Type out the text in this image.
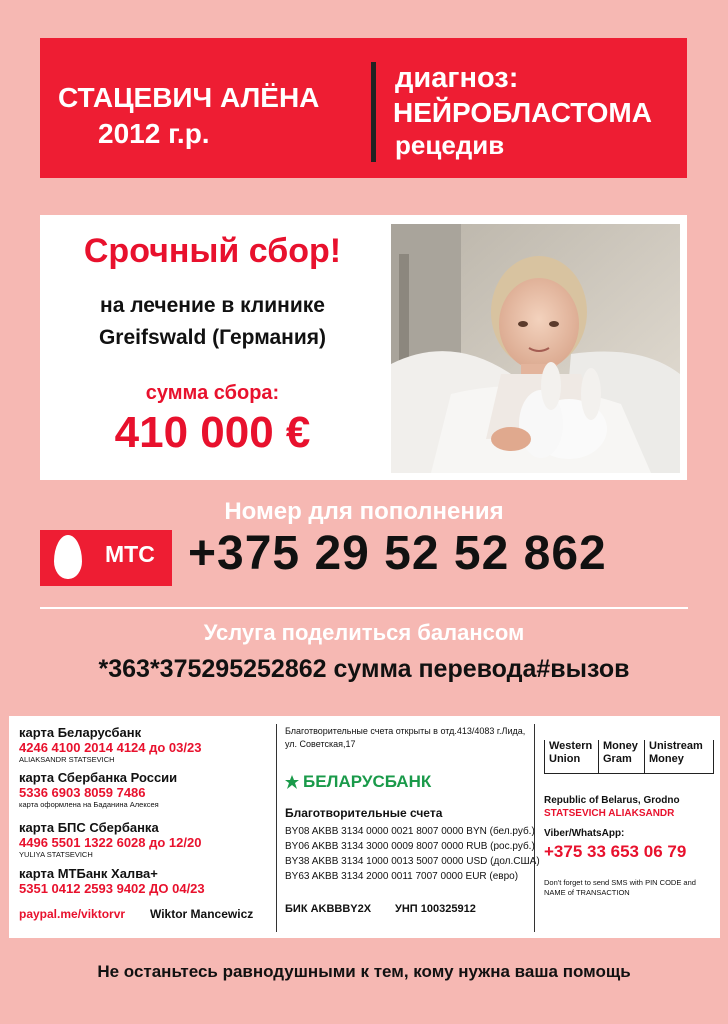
СТАЦЕВИЧ АЛЁНА
2012 г.р.
диагноз:
НЕЙРОБЛАСТОМА
рецедив
Срочный сбор!
на лечение в клинике
Greifswald (Германия)
сумма сбора:
410 000 €
Номер для пополнения
МТС +375 29 52 52 862
Услуга поделиться балансом
*363*375295252862 сумма перевода#вызов
карта Беларусбанк
4246 4100 2014 4124 до 03/23
ALIAKSANDR STATSEVICH
карта Сбербанка России
5336 6903 8059 7486
карта оформлена на Баданина Алексея
карта БПС Сбербанка
4496 5501 1322 6028 до 12/20
YULIYA STATSEVICH
карта МТБанк Халва+
5351 0412 2593 9402 ДО 04/23
paypal.me/viktorvr Wiktor Mancewicz
Благотворительные счета открыты в отд.413/4083 г.Лида, ул. Советская,17
БЕЛАРУСБАНК
Благотворительные счета
BY08 AKBB 3134 0000 0021 8007 0000 BYN (бел.руб.)
BY06 AKBB 3134 3000 0009 8007 0000 RUB (рос.руб.)
BY38 AKBB 3134 1000 0013 5007 0000 USD (дол.США)
BY63 AKBB 3134 2000 0011 7007 0000 EUR (евро)
БИК AKBBBY2X УНП 100325912
Western Union
Money Gram
Unistream Money
Republic of Belarus, Grodno
STATSEVICH ALIAKSANDR
Viber/WhatsApp:
+375 33 653 06 79
Don't forget to send SMS with PIN CODE and NAME of TRANSACTION
Не останьтесь равнодушными к тем, кому нужна ваша помощь
